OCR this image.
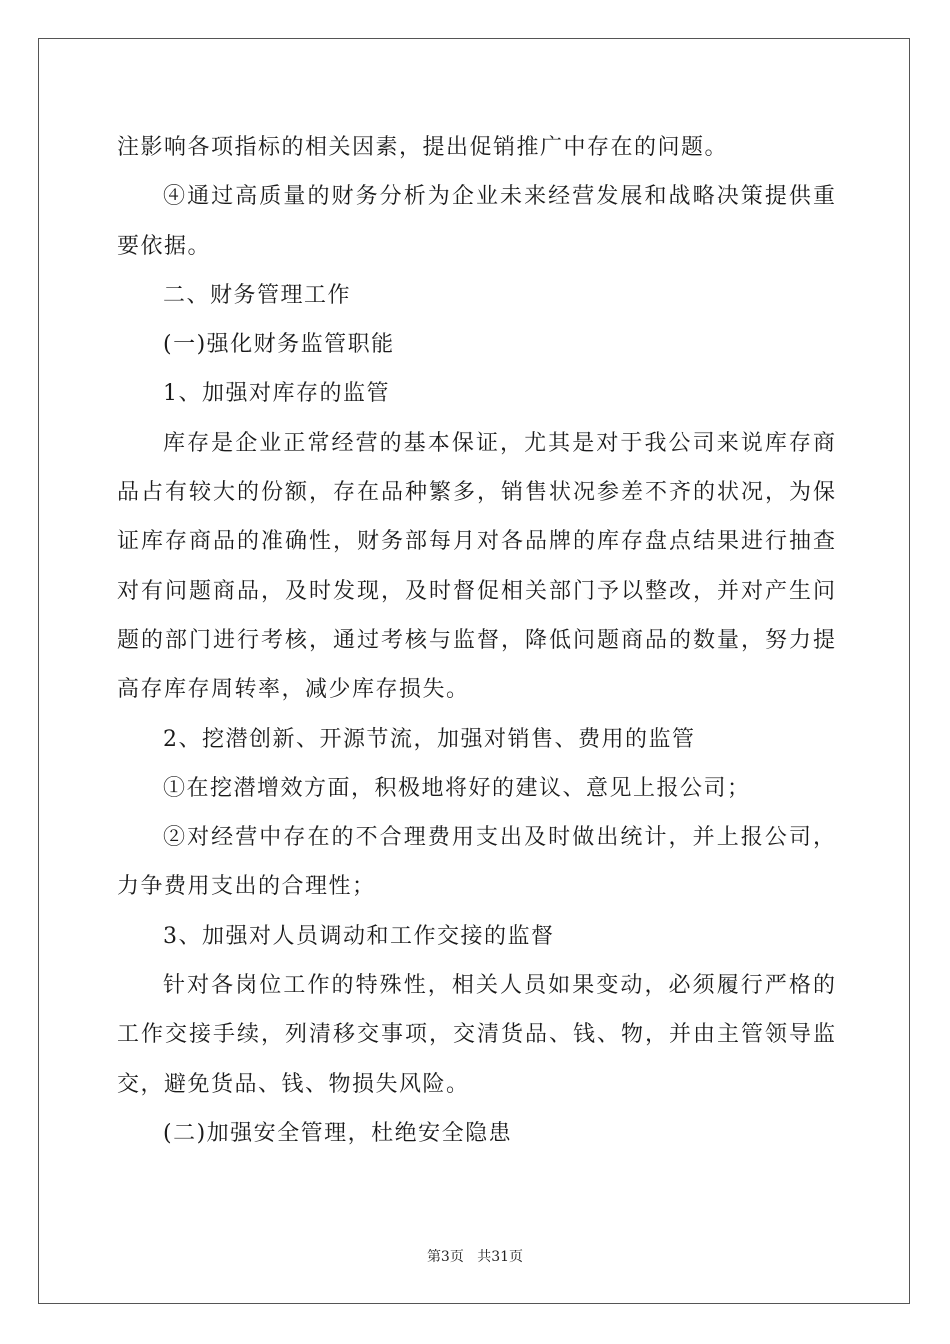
注影响各项指标的相关因素，提出促销推广中存在的问题。
④通过高质量的财务分析为企业未来经营发展和战略决策提供重
要依据。
二、财务管理工作
(一)强化财务监管职能
1、加强对库存的监管
库存是企业正常经营的基本保证，尤其是对于我公司来说库存商
品占有较大的份额，存在品种繁多，销售状况参差不齐的状况，为保
证库存商品的准确性，财务部每月对各品牌的库存盘点结果进行抽查
对有问题商品，及时发现，及时督促相关部门予以整改，并对产生问
题的部门进行考核，通过考核与监督，降低问题商品的数量，努力提
高存库存周转率，减少库存损失。
2、挖潜创新、开源节流，加强对销售、费用的监管
①在挖潜增效方面，积极地将好的建议、意见上报公司；
②对经营中存在的不合理费用支出及时做出统计，并上报公司，
力争费用支出的合理性；
3、加强对人员调动和工作交接的监督
针对各岗位工作的特殊性，相关人员如果变动，必须履行严格的
工作交接手续，列清移交事项，交清货品、钱、物，并由主管领导监
交，避免货品、钱、物损失风险。
(二)加强安全管理，杜绝安全隐患
第3页 共31页
